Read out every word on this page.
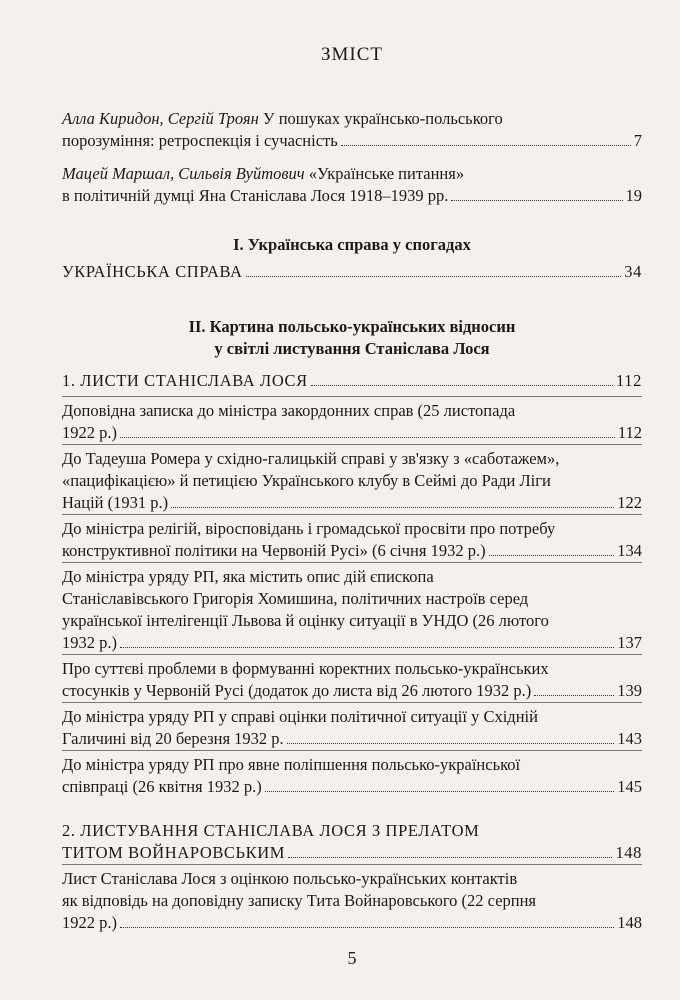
ЗМІСТ
Алла Киридон, Сергій Троян У пошуках українсько-польського
порозуміння: ретроспекція і сучасність	7
Мацей Маршал, Сильвія Вуйтович «Українське питання»
в політичній думці Яна Станіслава Лося 1918–1939 рр.	19
І. Українська справа у спогадах
УКРАЇНСЬКА СПРАВА	34
ІІ. Картина польсько-українських відносин
у світлі листування Станіслава Лося
1. ЛИСТИ СТАНІСЛАВА ЛОСЯ	112
Доповідна записка до міністра закордонних справ (25 листопада
1922 р.)	112
До Тадеуша Ромера у східно-галицькій справі у зв'язку з «саботажем»,
«пацифікацією» й петицією Українського клубу в Сеймі до Ради Ліги
Націй (1931 р.)	122
До міністра релігій, віросповідань і громадської просвіти про потребу
конструктивної політики на Червоній Русі» (6 січня 1932 р.)	134
До міністра уряду РП, яка містить опис дій єпископа
Станіславівського Григорія Хомишина, політичних настроїв серед
української інтелігенції Львова й оцінку ситуації в УНДО (26 лютого
1932 р.)	137
Про суттєві проблеми в формуванні коректних польсько-українських
стосунків у Червоній Русі (додаток до листа від 26 лютого 1932 р.)	139
До міністра уряду РП у справі оцінки політичної ситуації у Східній
Галичині від 20 березня 1932 р.	143
До міністра уряду РП про явне поліпшення польсько-української
співпраці (26 квітня 1932 р.)	145
2. ЛИСТУВАННЯ СТАНІСЛАВА ЛОСЯ З ПРЕЛАТОМ
ТИТОМ ВОЙНАРОВСЬКИМ	148
Лист Станіслава Лося з оцінкою польсько-українських контактів
як відповідь на доповідну записку Тита Войнаровського (22 серпня
1922 р.)	148
5
